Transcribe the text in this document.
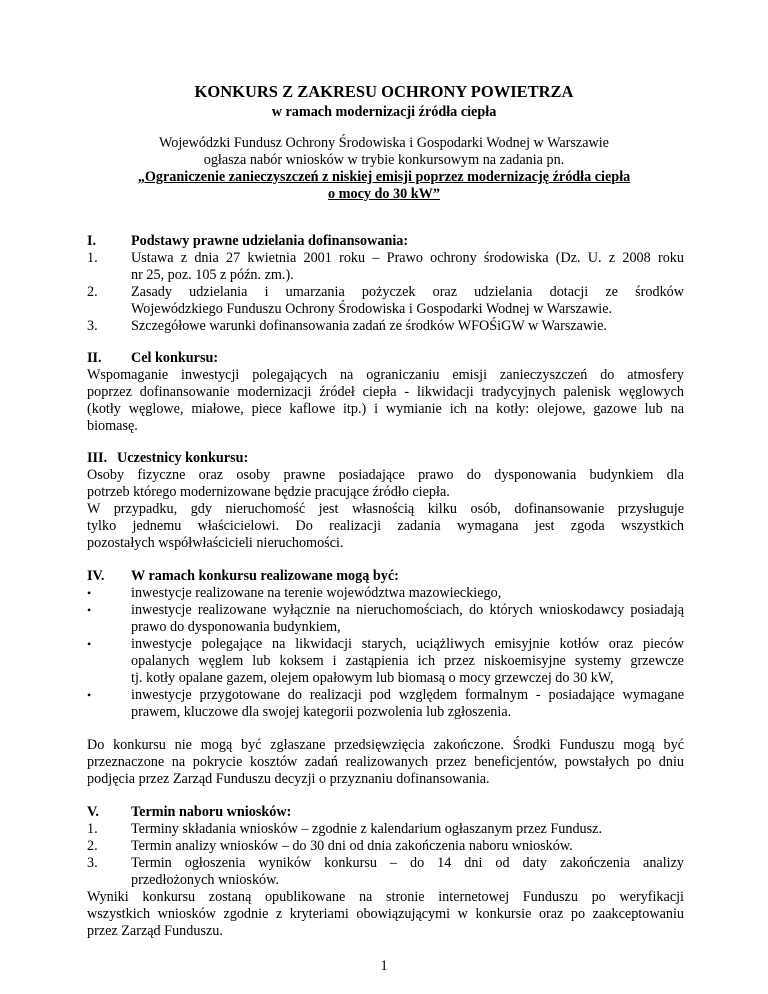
KONKURS Z ZAKRESU OCHRONY POWIETRZA
w ramach modernizacji źródła ciepła
Wojewódzki Fundusz Ochrony Środowiska i Gospodarki Wodnej w Warszawie
ogłasza nabór wniosków w trybie konkursowym na zadania pn.
„Ograniczenie zanieczyszczeń z niskiej emisji poprzez modernizację źródła ciepła
o mocy do 30 kW”
I. Podstawy prawne udzielania dofinansowania:
1. Ustawa z dnia 27 kwietnia 2001 roku – Prawo ochrony środowiska (Dz. U. z 2008 roku
nr 25, poz. 105 z późn. zm.).
2. Zasady udzielania i umarzania pożyczek oraz udzielania dotacji ze środków
Wojewódzkiego Funduszu Ochrony Środowiska i Gospodarki Wodnej w Warszawie.
3. Szczegółowe warunki dofinansowania zadań ze środków WFOŚiGW w Warszawie.
II. Cel konkursu:
Wspomaganie inwestycji polegających na ograniczaniu emisji zanieczyszczeń do atmosfery
poprzez dofinansowanie modernizacji źródeł ciepła - likwidacji tradycyjnych palenisk węglowych
(kotły węglowe, miałowe, piece kaflowe itp.) i wymianie ich na kotły: olejowe, gazowe lub na
biomasę.
III. Uczestnicy konkursu:
Osoby fizyczne oraz osoby prawne posiadające prawo do dysponowania budynkiem dla
potrzeb którego modernizowane będzie pracujące źródło ciepła.
W przypadku, gdy nieruchomość jest własnością kilku osób, dofinansowanie przysługuje
tylko jednemu właścicielowi. Do realizacji zadania wymagana jest zgoda wszystkich
pozostałych współwłaścicieli nieruchomości.
IV. W ramach konkursu realizowane mogą być:
•	inwestycje realizowane na terenie województwa mazowieckiego,
•	inwestycje realizowane wyłącznie na nieruchomościach, do których wnioskodawcy posiadają
prawo do dysponowania budynkiem,
•	inwestycje polegające na likwidacji starych, uciążliwych emisyjnie kotłów oraz pieców
opalanych węglem lub koksem i zastąpienia ich przez niskoemisyjne systemy grzewcze
tj. kotły opalane gazem, olejem opałowym lub biomasą o mocy grzewczej do 30 kW,
•	inwestycje przygotowane do realizacji pod względem formalnym - posiadające wymagane
prawem, kluczowe dla swojej kategorii pozwolenia lub zgłoszenia.
Do konkursu nie mogą być zgłaszane przedsięwzięcia zakończone. Środki Funduszu mogą być
przeznaczone na pokrycie kosztów zadań realizowanych przez beneficjentów, powstałych po dniu
podjęcia przez Zarząd Funduszu decyzji o przyznaniu dofinansowania.
V. Termin naboru wniosków:
1. Terminy składania wniosków – zgodnie z kalendarium ogłaszanym przez Fundusz.
2. Termin analizy wniosków – do 30 dni od dnia zakończenia naboru wniosków.
3. Termin ogłoszenia wyników konkursu – do 14 dni od daty zakończenia analizy
przedłożonych wniosków.
Wyniki konkursu zostaną opublikowane na stronie internetowej Funduszu po weryfikacji
wszystkich wniosków zgodnie z kryteriami obowiązującymi w konkursie oraz po zaakceptowaniu
przez Zarząd Funduszu.
1
